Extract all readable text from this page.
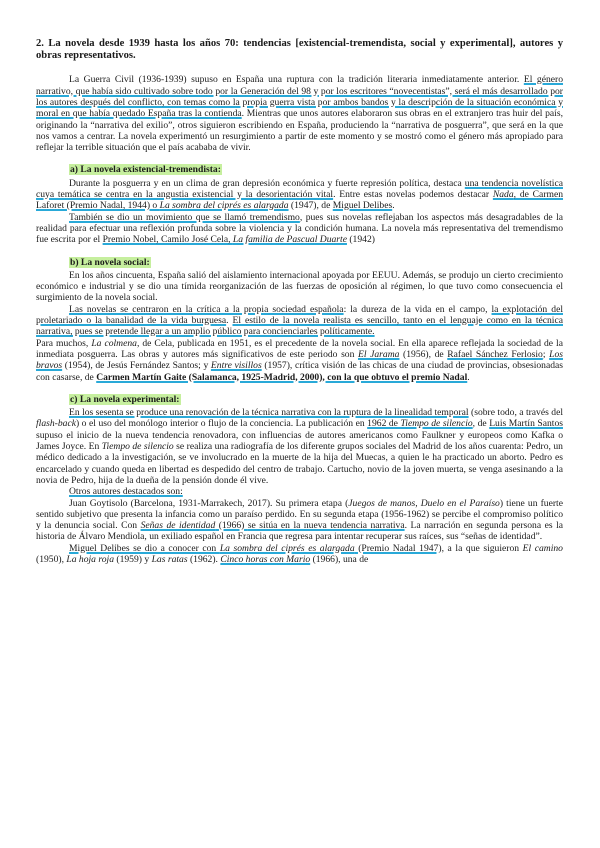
2. La novela desde 1939 hasta los años 70: tendencias [existencial-tremendista, social y experimental], autores y obras representativos.

La Guerra Civil (1936-1939) supuso en España una ruptura con la tradición literaria inmediatamente anterior. El género narrativo, que había sido cultivado sobre todo por la Generación del 98 y por los escritores “novecentistas”, será el más desarrollado por los autores después del conflicto, con temas como la propia guerra vista por ambos bandos y la descripción de la situación económica y moral en que había quedado España tras la contienda. Mientras que unos autores elaboraron sus obras en el extranjero tras huir del país, originando la “narrativa del exilio”, otros siguieron escribiendo en España, produciendo la “narrativa de posguerra”, que será en la que nos vamos a centrar. La novela experimentó un resurgimiento a partir de este momento y se mostró como el género más apropiado para reflejar la terrible situación que el país acababa de vivir.

a) La novela existencial-tremendista:

Durante la posguerra y en un clima de gran depresión económica y fuerte represión política, destaca una tendencia novelística cuya temática se centra en la angustia existencial y la desorientación vital. Entre estas novelas podemos destacar Nada, de Carmen Laforet (Premio Nadal, 1944) o La sombra del ciprés es alargada (1947), de Miguel Delibes.

También se dio un movimiento que se llamó tremendismo, pues sus novelas reflejaban los aspectos más desagradables de la realidad para efectuar una reflexión profunda sobre la violencia y la condición humana. La novela más representativa del tremendismo fue escrita por el Premio Nobel, Camilo José Cela, La familia de Pascual Duarte (1942)

b) La novela social:

En los años cincuenta, España salió del aislamiento internacional apoyada por EEUU. Además, se produjo un cierto crecimiento económico e industrial y se dio una tímida reorganización de las fuerzas de oposición al régimen, lo que tuvo como consecuencia el surgimiento de la novela social.

Las novelas se centraron en la crítica a la propia sociedad española: la dureza de la vida en el campo, la explotación del proletariado o la banalidad de la vida burguesa. El estilo de la novela realista es sencillo, tanto en el lenguaje como en la técnica narrativa, pues se pretende llegar a un amplio público para concienciarles políticamente.

Para muchos, La colmena, de Cela, publicada en 1951, es el precedente de la novela social. En ella aparece reflejada la sociedad de la inmediata posguerra. Las obras y autores más significativos de este periodo son El Jarama (1956), de Rafael Sánchez Ferlosio; Los bravos (1954), de Jesús Fernández Santos; y Entre visillos (1957), crítica visión de las chicas de una ciudad de provincias, obsesionadas con casarse, de Carmen Martín Gaite (Salamanca, 1925-Madrid, 2000), con la que obtuvo el premio Nadal.

c) La novela experimental:

En los sesenta se produce una renovación de la técnica narrativa con la ruptura de la linealidad temporal (sobre todo, a través del flash-back) o el uso del monólogo interior o flujo de la conciencia. La publicación en 1962 de Tiempo de silencio, de Luis Martín Santos supuso el inicio de la nueva tendencia renovadora, con influencias de autores americanos como Faulkner y europeos como Kafka o James Joyce. En Tiempo de silencio se realiza una radiografía de los diferente grupos sociales del Madrid de los años cuarenta: Pedro, un médico dedicado a la investigación, se ve involucrado en la muerte de la hija del Muecas, a quien le ha practicado un aborto. Pedro es encarcelado y cuando queda en libertad es despedido del centro de trabajo. Cartucho, novio de la joven muerta, se venga asesinando a la novia de Pedro, hija de la dueña de la pensión donde él vive.

Otros autores destacados son:

Juan Goytisolo (Barcelona, 1931-Marrakech, 2017). Su primera etapa (Juegos de manos, Duelo en el Paraíso) tiene un fuerte sentido subjetivo que presenta la infancia como un paraíso perdido. En su segunda etapa (1956-1962) se percibe el compromiso político y la denuncia social. Con Señas de identidad (1966) se sitúa en la nueva tendencia narrativa. La narración en segunda persona es la historia de Álvaro Mendiola, un exiliado español en Francia que regresa para intentar recuperar sus raíces, sus “señas de identidad”.

Miguel Delibes se dio a conocer con La sombra del ciprés es alargada (Premio Nadal 1947), a la que siguieron El camino (1950), La hoja roja (1959) y Las ratas (1962). Cinco horas con Mario (1966), una de
